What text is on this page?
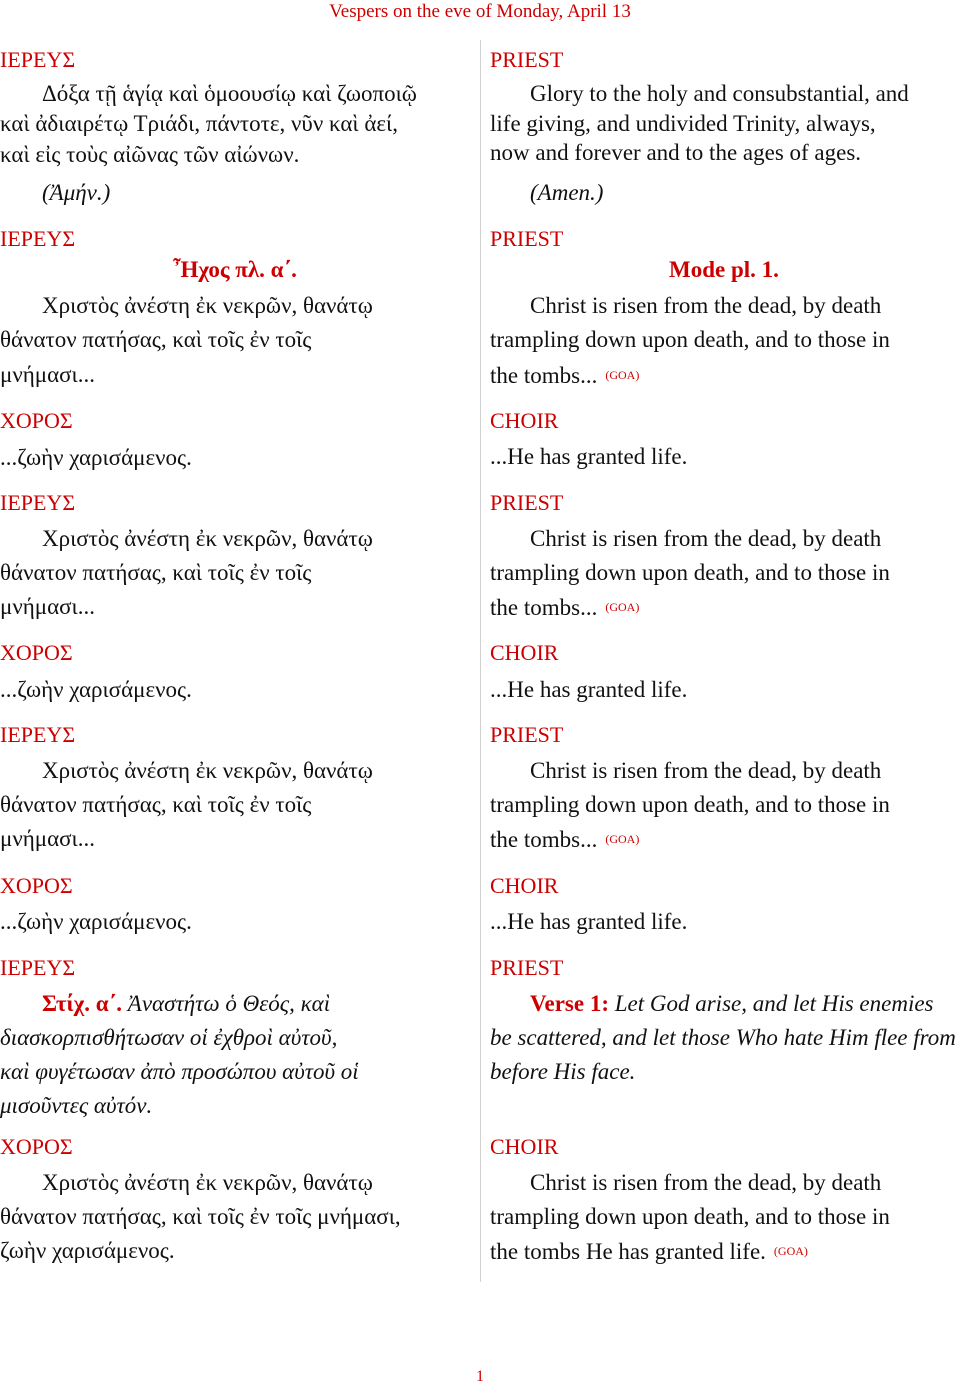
Vespers on the eve of Monday, April 13
ΙΕΡΕΥΣ
Δόξα τῇ ἁγίᾳ καὶ ὁμοουσίῳ καὶ ζωοποιῷ
καὶ ἀδιαιρέτῳ Τριάδι, πάντοτε, νῦν καὶ ἀεί,
καὶ εἰς τοὺς αἰῶνας τῶν αἰώνων.
(Ἀμήν.)
ΙΕΡΕΥΣ
Ἦχος πλ. α΄.
Χριστὸς ἀνέστη ἐκ νεκρῶν, θανάτῳ
θάνατον πατήσας, καὶ τοῖς ἐν τοῖς
μνήμασι...
ΧΟΡΟΣ
...ζωὴν χαρισάμενος.
ΙΕΡΕΥΣ
Χριστὸς ἀνέστη ἐκ νεκρῶν, θανάτῳ
θάνατον πατήσας, καὶ τοῖς ἐν τοῖς
μνήμασι...
ΧΟΡΟΣ
...ζωὴν χαρισάμενος.
ΙΕΡΕΥΣ
Χριστὸς ἀνέστη ἐκ νεκρῶν, θανάτῳ
θάνατον πατήσας, καὶ τοῖς ἐν τοῖς
μνήμασι...
ΧΟΡΟΣ
...ζωὴν χαρισάμενος.
ΙΕΡΕΥΣ
Στίχ. α΄. Ἀναστήτω ὁ Θεός, καὶ
διασκορπισθήτωσαν οἱ ἐχθροὶ αὐτοῦ,
καὶ φυγέτωσαν ἀπὸ προσώπου αὐτοῦ οἱ
μισοῦντες αὐτόν.
ΧΟΡΟΣ
Χριστὸς ἀνέστη ἐκ νεκρῶν, θανάτῳ
θάνατον πατήσας, καὶ τοῖς ἐν τοῖς μνήμασι,
ζωὴν χαρισάμενος.
PRIEST
Glory to the holy and consubstantial, and
life giving, and undivided Trinity, always,
now and forever and to the ages of ages.
(Amen.)
PRIEST
Mode pl. 1.
Christ is risen from the dead, by death
trampling down upon death, and to those in
the tombs... (GOA)
CHOIR
...He has granted life.
PRIEST
Christ is risen from the dead, by death
trampling down upon death, and to those in
the tombs... (GOA)
CHOIR
...He has granted life.
PRIEST
Christ is risen from the dead, by death
trampling down upon death, and to those in
the tombs... (GOA)
CHOIR
...He has granted life.
PRIEST
Verse 1: Let God arise, and let His enemies
be scattered, and let those Who hate Him flee from
before His face.
CHOIR
Christ is risen from the dead, by death
trampling down upon death, and to those in
the tombs He has granted life. (GOA)
1
